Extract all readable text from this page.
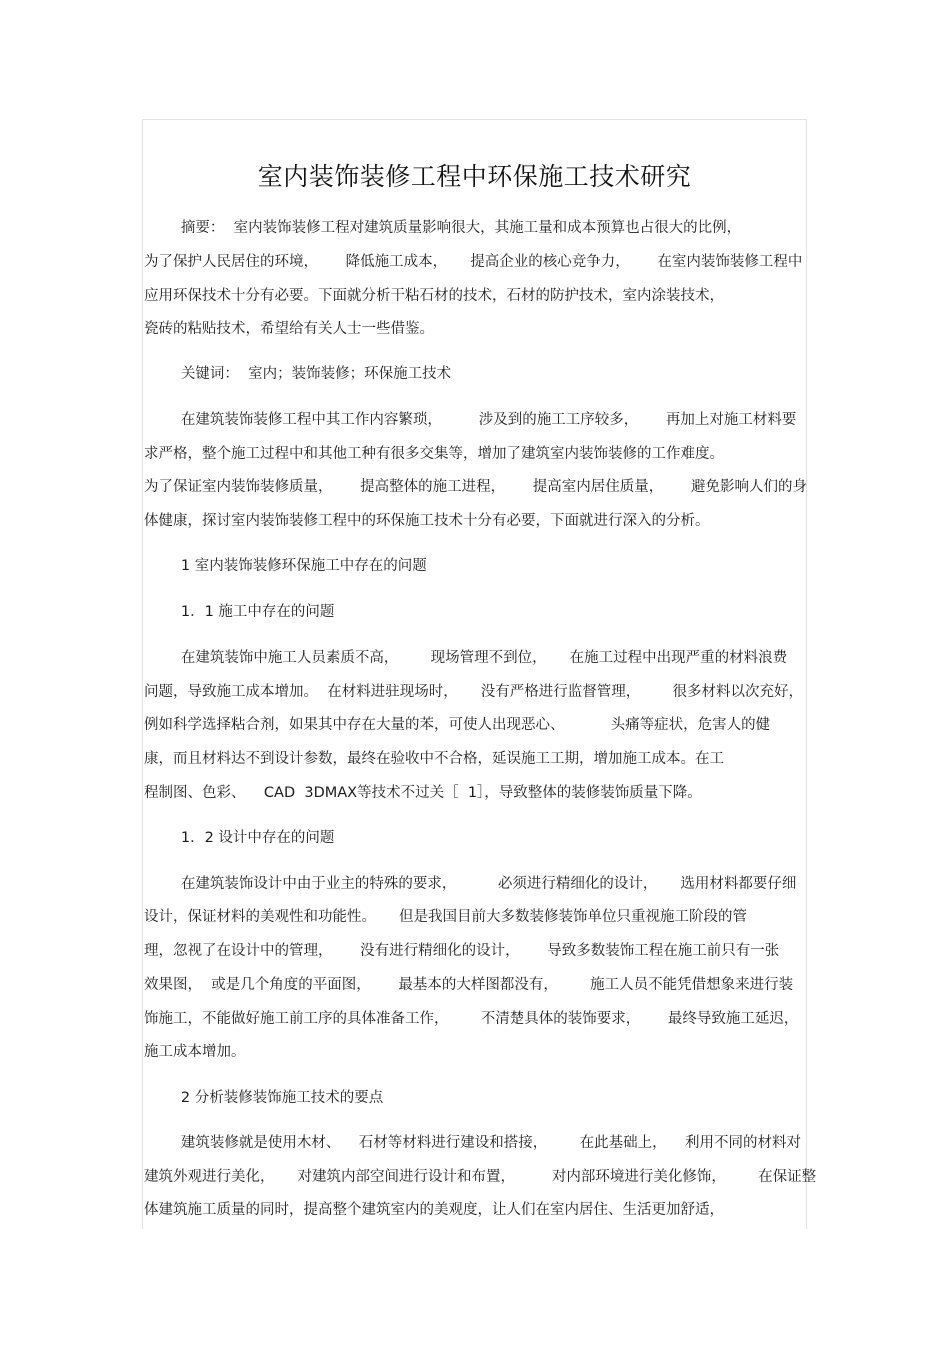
室内装饰装修工程中环保施工技术研究
摘要：  室内装饰装修工程对建筑质量影响很大，其施工量和成本预算也占很大的比例，
为了保护人民居住的环境，      降低施工成本，     提高企业的核心竞争力，      在室内装饰装修工程中
应用环保技术十分有必要。下面就分析干粘石材的技术，石材的防护技术，室内涂装技术，
瓷砖的粘贴技术，希望给有关人士一些借鉴。
关键词：  室内；装饰装修；环保施工技术
在建筑装饰装修工程中其工作内容繁琐，        涉及到的施工工序较多，      再加上对施工材料要
求严格，整个施工过程中和其他工种有很多交集等，增加了建筑室内装饰装修的工作难度。
为了保证室内装饰装修质量，      提高整体的施工进程，      提高室内居住质量，      避免影响人们的身
体健康，探讨室内装饰装修工程中的环保施工技术十分有必要，下面就进行深入的分析。
1 室内装饰装修环保施工中存在的问题
1．1 施工中存在的问题
在建筑装饰中施工人员素质不高，       现场管理不到位，     在施工过程中出现严重的材料浪费
问题，导致施工成本增加。  在材料进驻现场时，     没有严格进行监督管理，       很多材料以次充好，
例如科学选择粘合剂，如果其中存在大量的苯，可使人出现恶心、          头痛等症状，危害人的健
康，而且材料达不到设计参数，最终在验收中不合格，延误施工工期，增加施工成本。在工
程制图、色彩、    CAD  3DMAX等技术不过关［  1］，导致整体的装修装饰质量下降。
1．2 设计中存在的问题
在建筑装饰设计中由于业主的特殊的要求，         必须进行精细化的设计，     选用材料都要仔细
设计，保证材料的美观性和功能性。     但是我国目前大多数装修装饰单位只重视施工阶段的管
理，忽视了在设计中的管理，      没有进行精细化的设计，      导致多数装饰工程在施工前只有一张
效果图，  或是几个角度的平面图，      最基本的大样图都没有，       施工人员不能凭借想象来进行装
饰施工，不能做好施工前工序的具体准备工作，       不清楚具体的装饰要求，      最终导致施工延迟，
施工成本增加。
2 分析装修装饰施工技术的要点
建筑装修就是使用木材、    石材等材料进行建设和搭接，       在此基础上，    利用不同的材料对
建筑外观进行美化，     对建筑内部空间进行设计和布置，        对内部环境进行美化修饰，       在保证整
体建筑施工质量的同时，提高整个建筑室内的美观度，让人们在室内居住、生活更加舒适，
